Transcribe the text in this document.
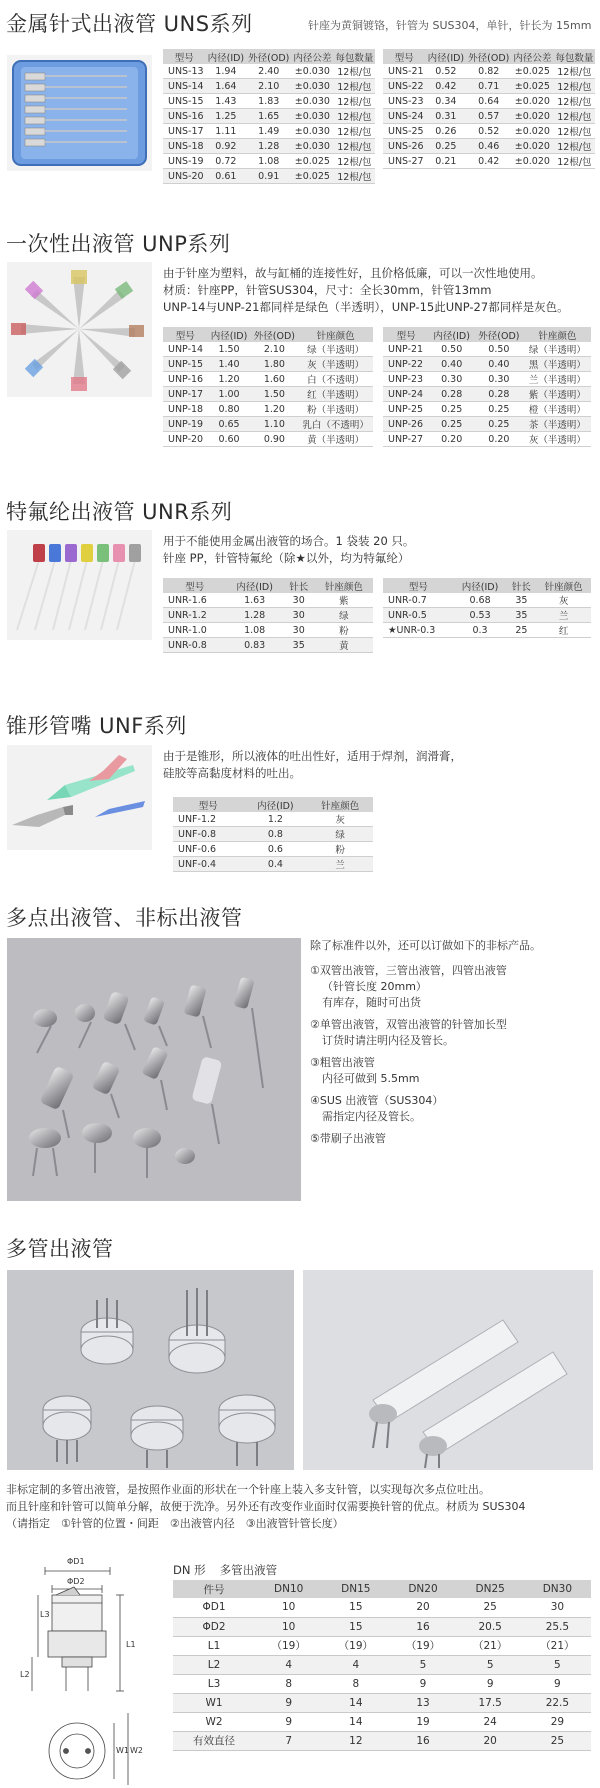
金属针式出液管 UNS系列	针座为黄铜镀铬，针管为 SUS304，单针，针长为 15mm
型号	内径(ID)	外径(OD)	内径公差	每包数量
UNS-13	1.94	2.40	±0.030	12根/包
UNS-14	1.64	2.10	±0.030	12根/包
UNS-15	1.43	1.83	±0.030	12根/包
UNS-16	1.25	1.65	±0.030	12根/包
UNS-17	1.11	1.49	±0.030	12根/包
UNS-18	0.92	1.28	±0.030	12根/包
UNS-19	0.72	1.08	±0.025	12根/包
UNS-20	0.61	0.91	±0.025	12根/包
型号	内径(ID)	外径(OD)	内径公差	每包数量
UNS-21	0.52	0.82	±0.025	12根/包
UNS-22	0.42	0.71	±0.025	12根/包
UNS-23	0.34	0.64	±0.020	12根/包
UNS-24	0.31	0.57	±0.020	12根/包
UNS-25	0.26	0.52	±0.020	12根/包
UNS-26	0.25	0.46	±0.020	12根/包
UNS-27	0.21	0.42	±0.020	12根/包
一次性出液管 UNP系列
由于针座为塑料，故与缸桶的连接性好，且价格低廉，可以一次性地使用。
材质：针座PP，针管SUS304，尺寸：全长30mm，针管13mm
UNP-14与UNP-21都同样是绿色（半透明），UNP-15此UNP-27都同样是灰色。
型号	内径(ID)	外径(OD)	针座颜色
UNP-14	1.50	2.10	绿（半透明）
UNP-15	1.40	1.80	灰（半透明）
UNP-16	1.20	1.60	白（不透明）
UNP-17	1.00	1.50	红（半透明）
UNP-18	0.80	1.20	粉（半透明）
UNP-19	0.65	1.10	乳白（不透明）
UNP-20	0.60	0.90	黄（半透明）
型号	内径(ID)	外径(OD)	针座颜色
UNP-21	0.50	0.50	绿（半透明）
UNP-22	0.40	0.40	黑（半透明）
UNP-23	0.30	0.30	兰（半透明）
UNP-24	0.28	0.28	紫（半透明）
UNP-25	0.25	0.25	橙（半透明）
UNP-26	0.25	0.25	茶（半透明）
UNP-27	0.20	0.20	灰（半透明）
特氟纶出液管 UNR系列
用于不能使用金属出液管的场合。1 袋装 20 只。
针座 PP，针管特氟纶（除★以外，均为特氟纶）
型号	内径(ID)	针长	针座颜色
UNR-1.6	1.63	30	紫
UNR-1.2	1.28	30	绿
UNR-1.0	1.08	30	粉
UNR-0.8	0.83	35	黄
型号	内径(ID)	针长	针座颜色
UNR-0.7	0.68	35	灰
UNR-0.5	0.53	35	兰
★UNR-0.3	0.3	25	红
锥形管嘴 UNF系列
由于是锥形，所以液体的吐出性好，适用于焊剂，润滑膏，
硅胶等高黏度材料的吐出。
型号	内径(ID)	针座颜色
UNF-1.2	1.2	灰
UNF-0.8	0.8	绿
UNF-0.6	0.6	粉
UNF-0.4	0.4	兰
多点出液管、非标出液管
除了标准件以外，还可以订做如下的非标产品。
①双管出液管，三管出液管，四管出液管
（针管长度 20mm）
有库存，随时可出货
②单管出液管，双管出液管的针管加长型
订货时请注明内径及管长。
③粗管出液管
内径可做到 5.5mm
④SUS 出液管（SUS304）
需指定内径及管长。
⑤带刷子出液管
多管出液管
非标定制的多管出液管，是按照作业面的形状在一个针座上装入多支针管，以实现每次多点位吐出。
而且针座和针管可以简单分解，故便于洗净。另外还有改变作业面时仅需要换针管的优点。材质为 SUS304
（请指定　①针管的位置・间距　②出液管内径　③出液管针管长度）
ΦD1
ΦD2
L1
L3
L2
W1 W2
DN 形 多管出液管
件号	DN10	DN15	DN20	DN25	DN30
ΦD1	10	15	20	25	30
ΦD2	10	15	16	20.5	25.5
L1	（19）	（19）	（19）	（21）	（21）
L2	4	4	5	5	5
L3	8	8	9	9	9
W1	9	14	13	17.5	22.5
W2	9	14	19	24	29
有效直径	7	12	16	20	25
